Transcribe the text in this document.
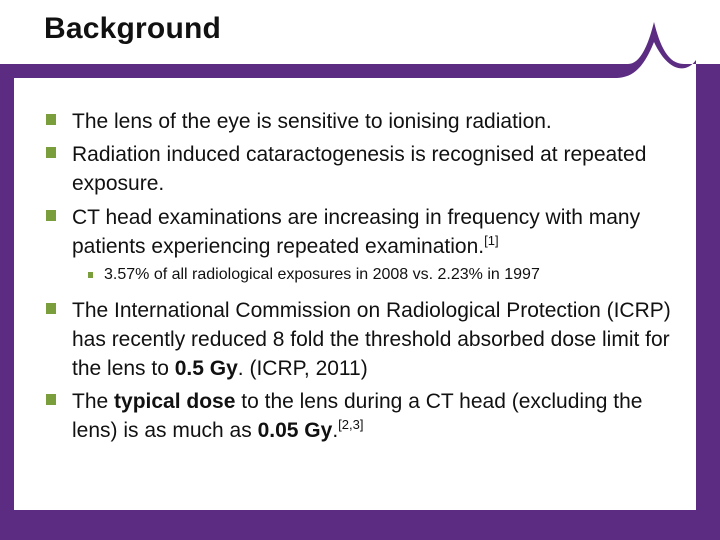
Background
The lens of the eye is sensitive to ionising radiation.
Radiation induced cataractogenesis is recognised at repeated exposure.
CT head examinations are increasing in frequency with many patients experiencing repeated examination.[1]
3.57% of all radiological exposures in 2008 vs. 2.23% in 1997
The International Commission on Radiological Protection (ICRP) has recently reduced 8 fold the threshold absorbed dose limit for the lens to 0.5 Gy. (ICRP, 2011)
The typical dose to the lens during a CT head (excluding the lens) is as much as 0.05 Gy.[2,3]
